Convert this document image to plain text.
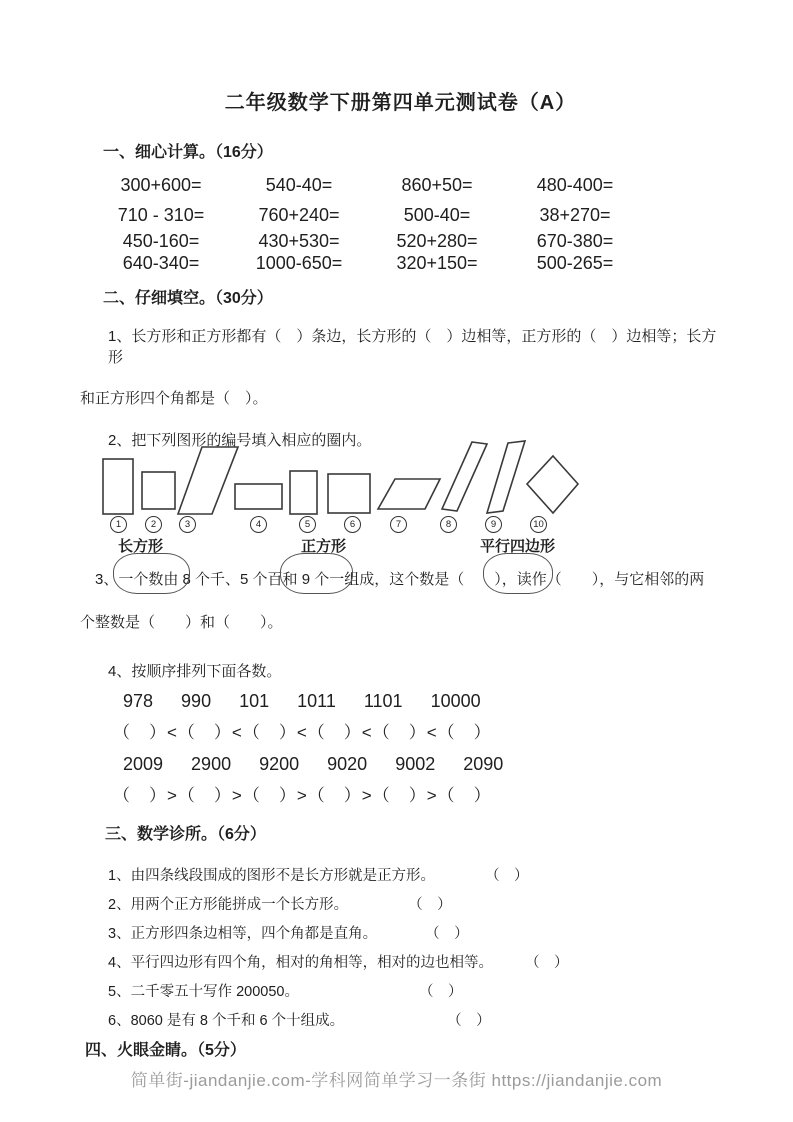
二年级数学下册第四单元测试卷（A）
一、细心计算。（16分）
300+600=	540-40=	860+50=	480-400=
710 - 310=	760+240=	500-40=	38+270=
450-160=	430+530=	520+280=	670-380=
640-340=	1000-650=	320+150=	500-265=
二、仔细填空。（30分）
1、长方形和正方形都有（　）条边，长方形的（　）边相等，正方形的（　）边相等；长方形
和正方形四个角都是（　）。
2、把下列图形的编号填入相应的圈内。
1	2	3	4	5	6	7	8	9	10
长方形	正方形	平行四边形
3、一个数由 8 个千、5 个百和 9 个一组成，这个数是（　　），读作（　　），与它相邻的两
个整数是（　　）和（　　）。
4、按顺序排列下面各数。
978 990 101 1011 1101 10000
（　）<（　）<（　）<（　）<（　）<（　）
2009 2900 9200 9020 9002 2090
（　）>（　）>（　）>（　）>（　）>（　）
三、数学诊所。（6分）
1、由四条线段围成的图形不是长方形就是正方形。	（　）
2、用两个正方形能拼成一个长方形。	（　）
3、正方形四条边相等，四个角都是直角。	（　）
4、平行四边形有四个角，相对的角相等，相对的边也相等。 （　）
5、二千零五十写作 200050。	（　）
6、8060 是有 8 个千和 6 个十组成。	（　）
四、火眼金睛。（5分）
简单街-jiandanjie.com-学科网简单学习一条街 https://jiandanjie.com
